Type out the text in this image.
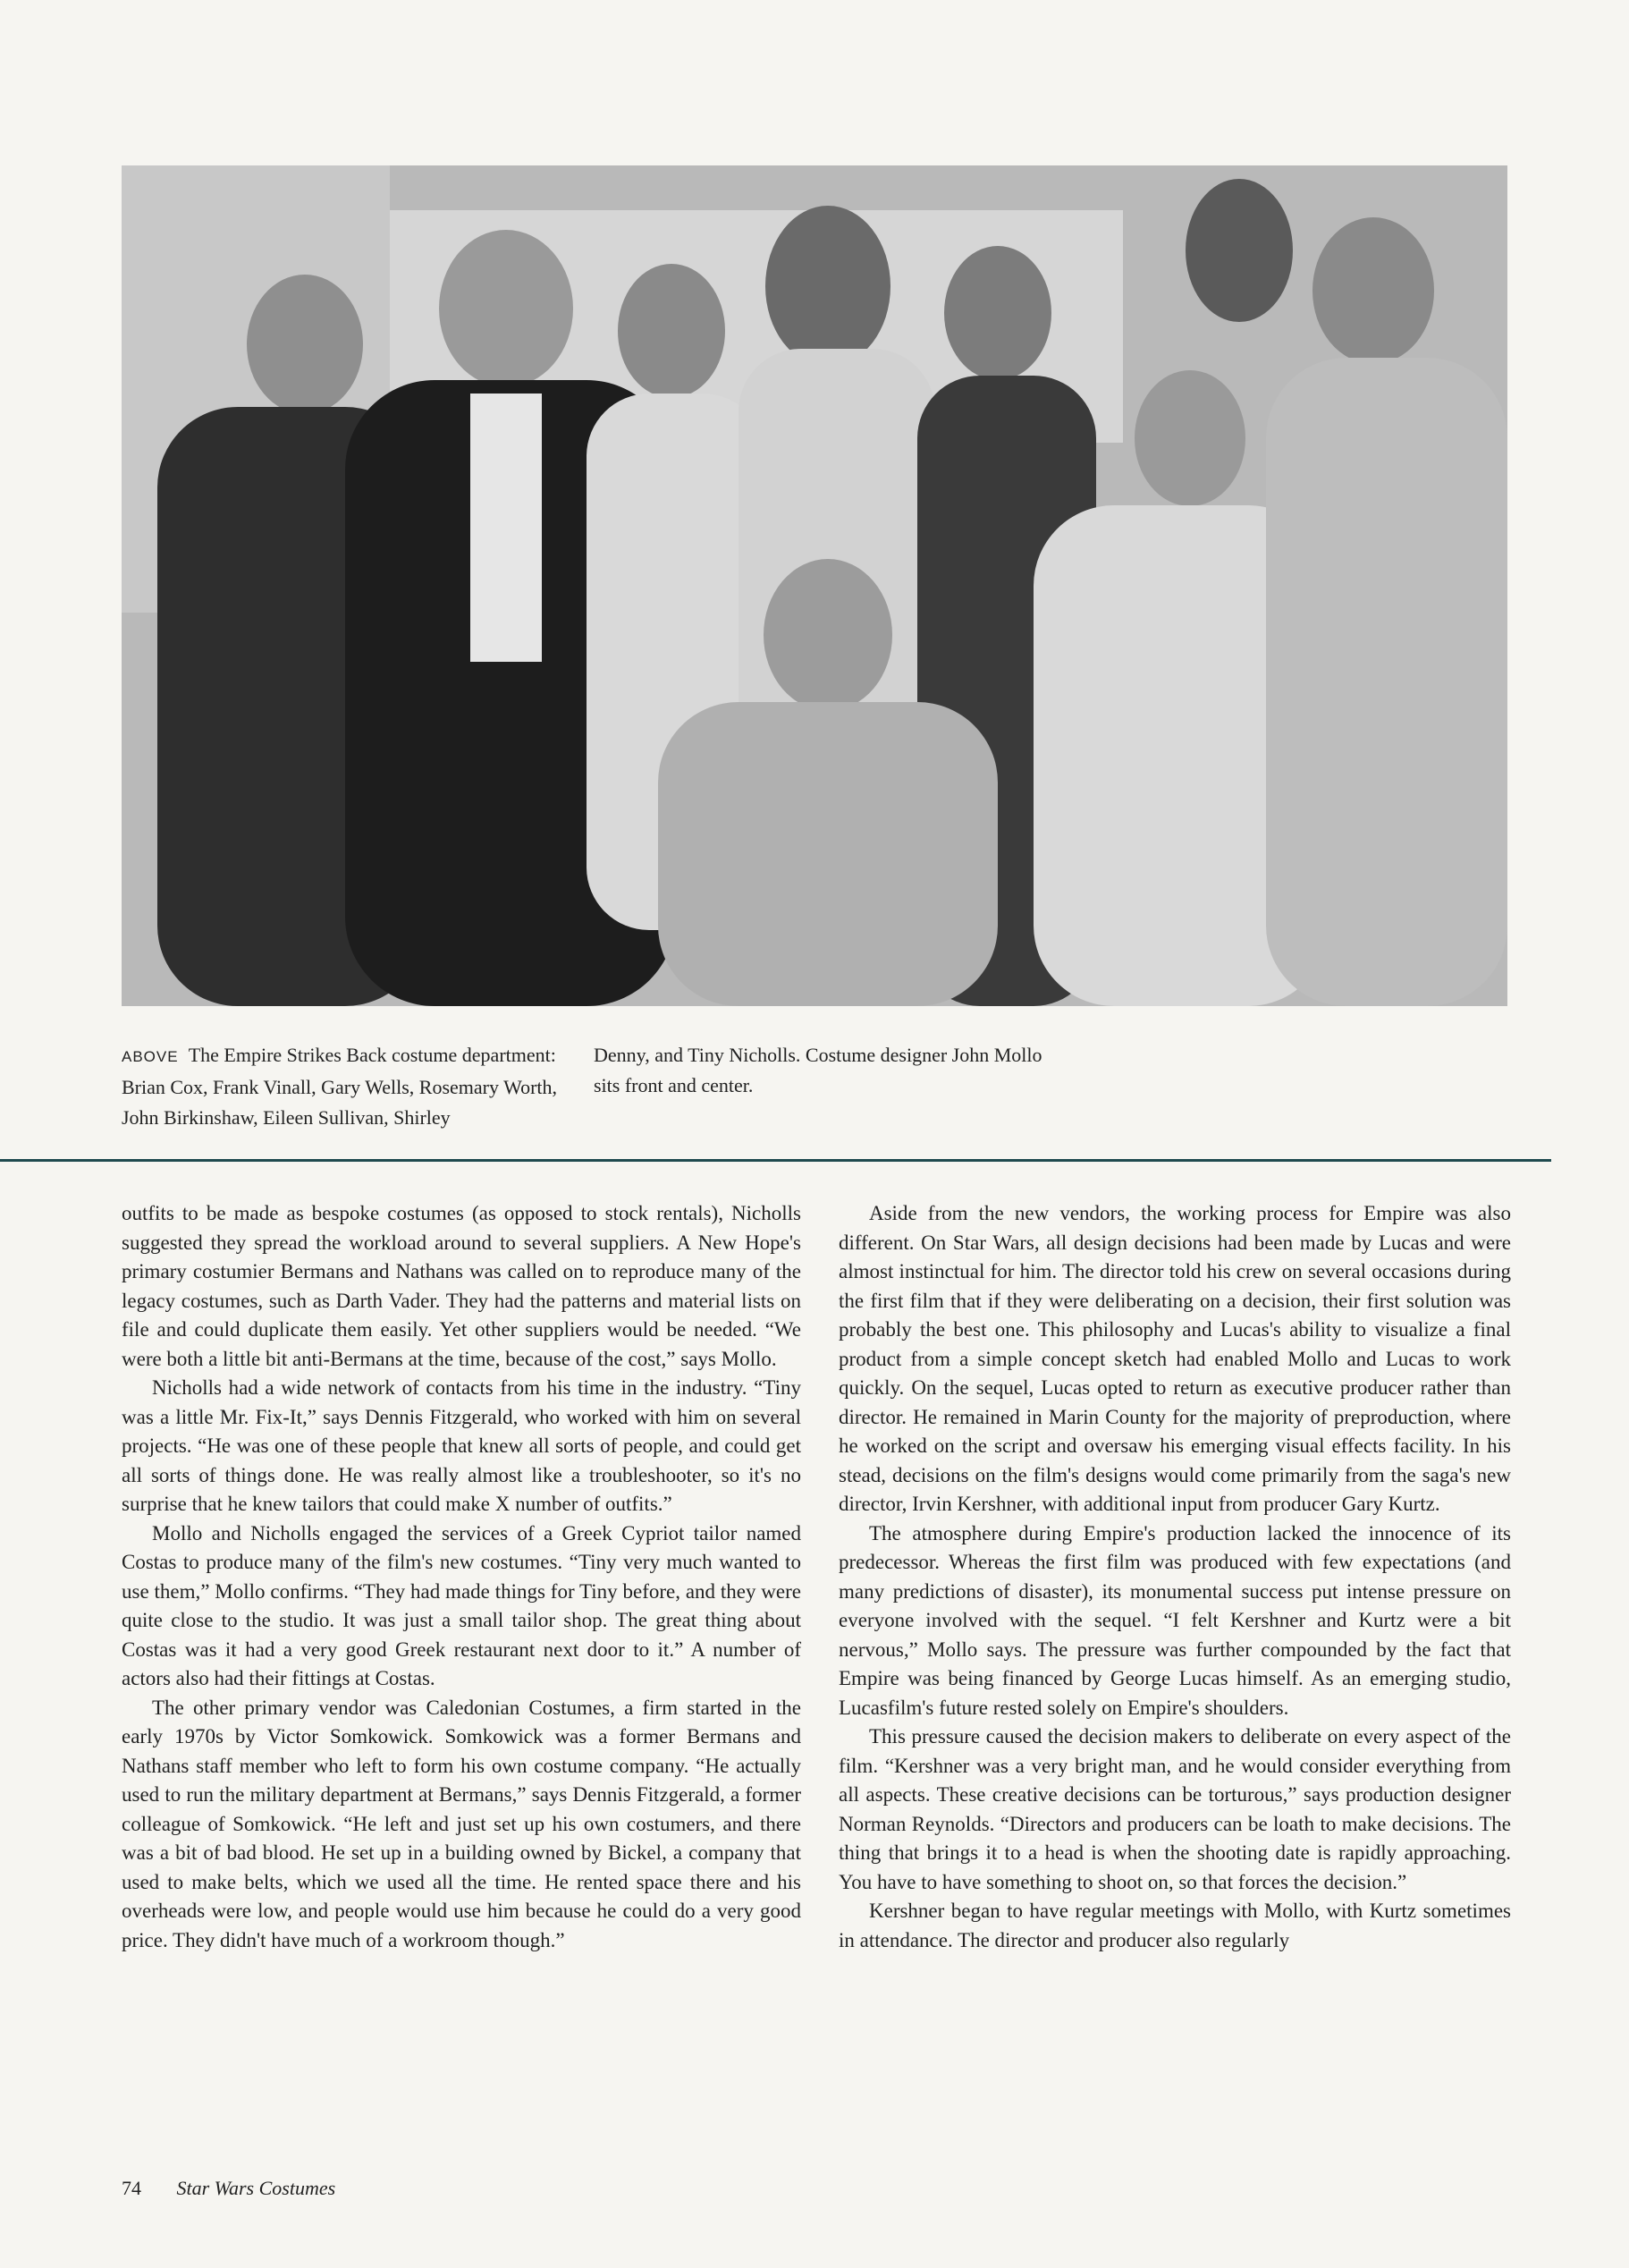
ABOVE The Empire Strikes Back costume department: Brian Cox, Frank Vinall, Gary Wells, Rosemary Worth, John Birkinshaw, Eileen Sullivan, Shirley
Denny, and Tiny Nicholls. Costume designer John Mollo sits front and center.

outfits to be made as bespoke costumes (as opposed to stock rentals), Nicholls suggested they spread the workload around to several suppliers. A New Hope's primary costumier Bermans and Nathans was called on to reproduce many of the legacy costumes, such as Darth Vader. They had the patterns and material lists on file and could duplicate them easily. Yet other suppliers would be needed. “We were both a little bit anti-Bermans at the time, because of the cost,” says Mollo.

Nicholls had a wide network of contacts from his time in the industry. “Tiny was a little Mr. Fix-It,” says Dennis Fitzgerald, who worked with him on several projects. “He was one of these people that knew all sorts of people, and could get all sorts of things done. He was really almost like a troubleshooter, so it's no surprise that he knew tailors that could make X number of outfits.”

Mollo and Nicholls engaged the services of a Greek Cypriot tailor named Costas to produce many of the film's new costumes. “Tiny very much wanted to use them,” Mollo confirms. “They had made things for Tiny before, and they were quite close to the studio. It was just a small tailor shop. The great thing about Costas was it had a very good Greek restaurant next door to it.” A number of actors also had their fittings at Costas.

The other primary vendor was Caledonian Costumes, a firm started in the early 1970s by Victor Somkowick. Somkowick was a former Bermans and Nathans staff member who left to form his own costume company. “He actually used to run the military department at Bermans,” says Dennis Fitzgerald, a former colleague of Somkowick. “He left and just set up his own costumers, and there was a bit of bad blood. He set up in a building owned by Bickel, a company that used to make belts, which we used all the time. He rented space there and his overheads were low, and people would use him because he could do a very good price. They didn't have much of a workroom though.”

Aside from the new vendors, the working process for Empire was also different. On Star Wars, all design decisions had been made by Lucas and were almost instinctual for him. The director told his crew on several occasions during the first film that if they were deliberating on a decision, their first solution was probably the best one. This philosophy and Lucas's ability to visualize a final product from a simple concept sketch had enabled Mollo and Lucas to work quickly. On the sequel, Lucas opted to return as executive producer rather than director. He remained in Marin County for the majority of preproduction, where he worked on the script and oversaw his emerging visual effects facility. In his stead, decisions on the film's designs would come primarily from the saga's new director, Irvin Kershner, with additional input from producer Gary Kurtz.

The atmosphere during Empire's production lacked the innocence of its predecessor. Whereas the first film was produced with few expectations (and many predictions of disaster), its monumental success put intense pressure on everyone involved with the sequel. “I felt Kershner and Kurtz were a bit nervous,” Mollo says. The pressure was further compounded by the fact that Empire was being financed by George Lucas himself. As an emerging studio, Lucasfilm's future rested solely on Empire's shoulders.

This pressure caused the decision makers to deliberate on every aspect of the film. “Kershner was a very bright man, and he would consider everything from all aspects. These creative decisions can be torturous,” says production designer Norman Reynolds. “Directors and producers can be loath to make decisions. The thing that brings it to a head is when the shooting date is rapidly approaching. You have to have something to shoot on, so that forces the decision.”

Kershner began to have regular meetings with Mollo, with Kurtz sometimes in attendance. The director and producer also regularly

74 Star Wars Costumes
